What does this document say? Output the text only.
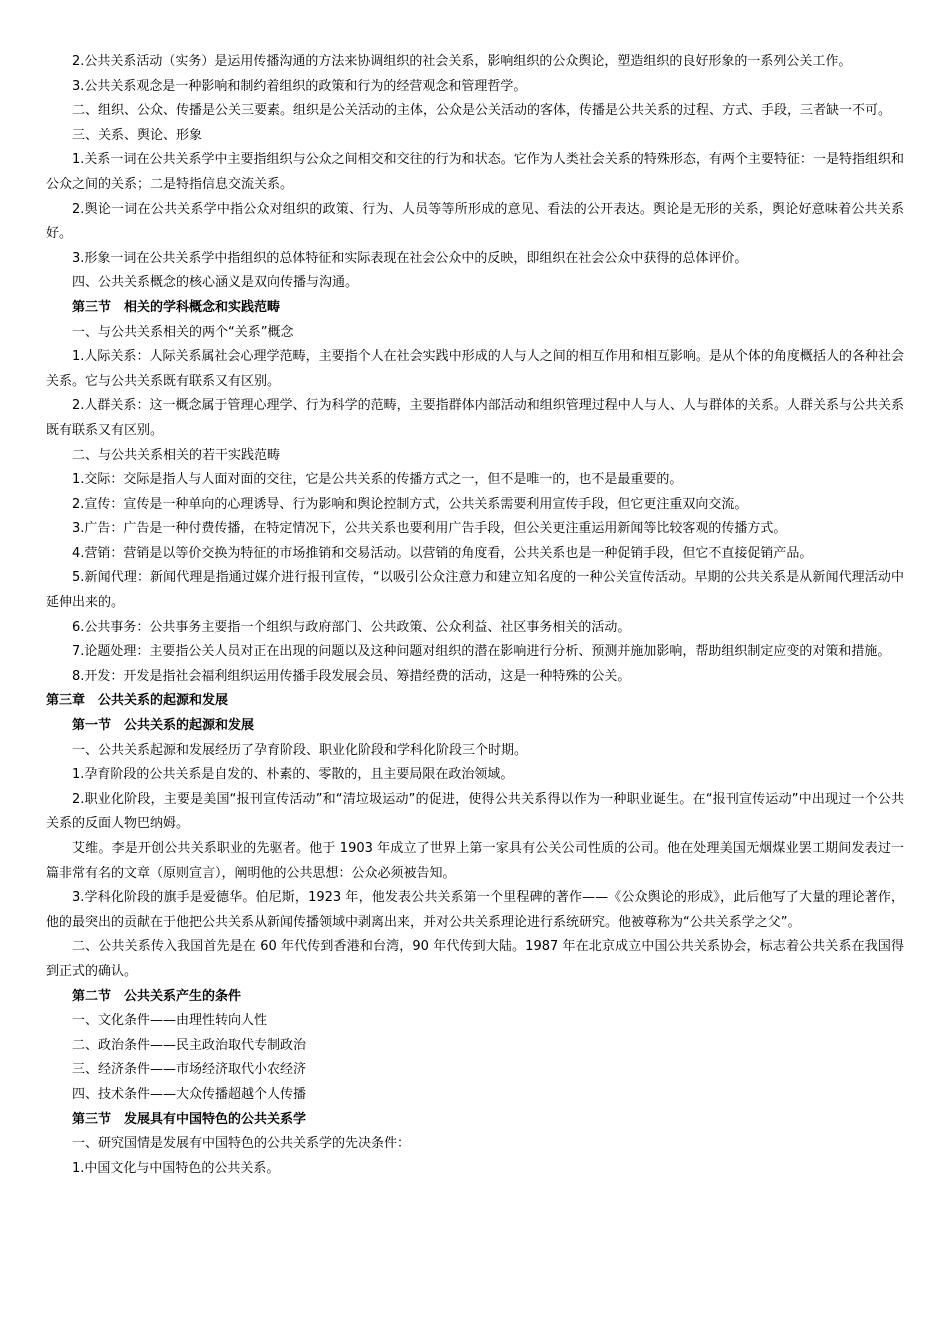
2.公共关系活动（实务）是运用传播沟通的方法来协调组织的社会关系，影响组织的公众舆论，塑造组织的良好形象的一系列公关工作。

3.公共关系观念是一种影响和制约着组织的政策和行为的经营观念和管理哲学。

二、组织、公众、传播是公关三要素。组织是公关活动的主体，公众是公关活动的客体，传播是公共关系的过程、方式、手段，三者缺一不可。

三、关系、舆论、形象

1.关系一词在公共关系学中主要指组织与公众之间相交和交往的行为和状态。它作为人类社会关系的特殊形态，有两个主要特征：一是特指组织和公众之间的关系；二是特指信息交流关系。

2.舆论一词在公共关系学中指公众对组织的政策、行为、人员等等所形成的意见、看法的公开表达。舆论是无形的关系，舆论好意味着公共关系好。

3.形象一词在公共关系学中指组织的总体特征和实际表现在社会公众中的反映，即组织在社会公众中获得的总体评价。

四、公共关系概念的核心涵义是双向传播与沟通。

第三节　相关的学科概念和实践范畴

一、与公共关系相关的两个“关系”概念

1.人际关系：人际关系属社会心理学范畴，主要指个人在社会实践中形成的人与人之间的相互作用和相互影响。是从个体的角度概括人的各种社会关系。它与公共关系既有联系又有区别。

2.人群关系：这一概念属于管理心理学、行为科学的范畴，主要指群体内部活动和组织管理过程中人与人、人与群体的关系。人群关系与公共关系既有联系又有区别。

二、与公共关系相关的若干实践范畴

1.交际：交际是指人与人面对面的交往，它是公共关系的传播方式之一，但不是唯一的，也不是最重要的。

2.宣传：宣传是一种单向的心理诱导、行为影响和舆论控制方式，公共关系需要利用宣传手段，但它更注重双向交流。

3.广告：广告是一种付费传播，在特定情况下，公共关系也要利用广告手段，但公关更注重运用新闻等比较客观的传播方式。

4.营销：营销是以等价交换为特征的市场推销和交易活动。以营销的角度看，公共关系也是一种促销手段，但它不直接促销产品。

5.新闻代理：新闻代理是指通过媒介进行报刊宣传，“以吸引公众注意力和建立知名度的一种公关宣传活动。早期的公共关系是从新闻代理活动中延伸出来的。

6.公共事务：公共事务主要指一个组织与政府部门、公共政策、公众利益、社区事务相关的活动。

7.论题处理：主要指公关人员对正在出现的问题以及这种问题对组织的潜在影响进行分析、预测并施加影响，帮助组织制定应变的对策和措施。

8.开发：开发是指社会福利组织运用传播手段发展会员、筹措经费的活动，这是一种特殊的公关。

第三章　公共关系的起源和发展

第一节　公共关系的起源和发展

一、公共关系起源和发展经历了孕育阶段、职业化阶段和学科化阶段三个时期。

1.孕育阶段的公共关系是自发的、朴素的、零散的，且主要局限在政治领域。

2.职业化阶段，主要是美国“报刊宣传活动”和“清垃圾运动”的促进，使得公共关系得以作为一种职业诞生。在“报刊宣传运动”中出现过一个公共关系的反面人物巴纳姆。

艾维。李是开创公共关系职业的先驱者。他于 1903 年成立了世界上第一家具有公关公司性质的公司。他在处理美国无烟煤业罢工期间发表过一篇非常有名的文章（原则宣言），阐明他的公共思想：公众必须被告知。

3.学科化阶段的旗手是爱德华。伯尼斯，1923 年，他发表公共关系第一个里程碑的著作——《公众舆论的形成》，此后他写了大量的理论著作，他的最突出的贡献在于他把公共关系从新闻传播领域中剥离出来，并对公共关系理论进行系统研究。他被尊称为“公共关系学之父”。

二、公共关系传入我国首先是在 60 年代传到香港和台湾，90 年代传到大陆。1987 年在北京成立中国公共关系协会，标志着公共关系在我国得到正式的确认。

第二节　公共关系产生的条件

一、文化条件——由理性转向人性

二、政治条件——民主政治取代专制政治

三、经济条件——市场经济取代小农经济

四、技术条件——大众传播超越个人传播

第三节　发展具有中国特色的公共关系学

一、研究国情是发展有中国特色的公共关系学的先决条件：

1.中国文化与中国特色的公共关系。
